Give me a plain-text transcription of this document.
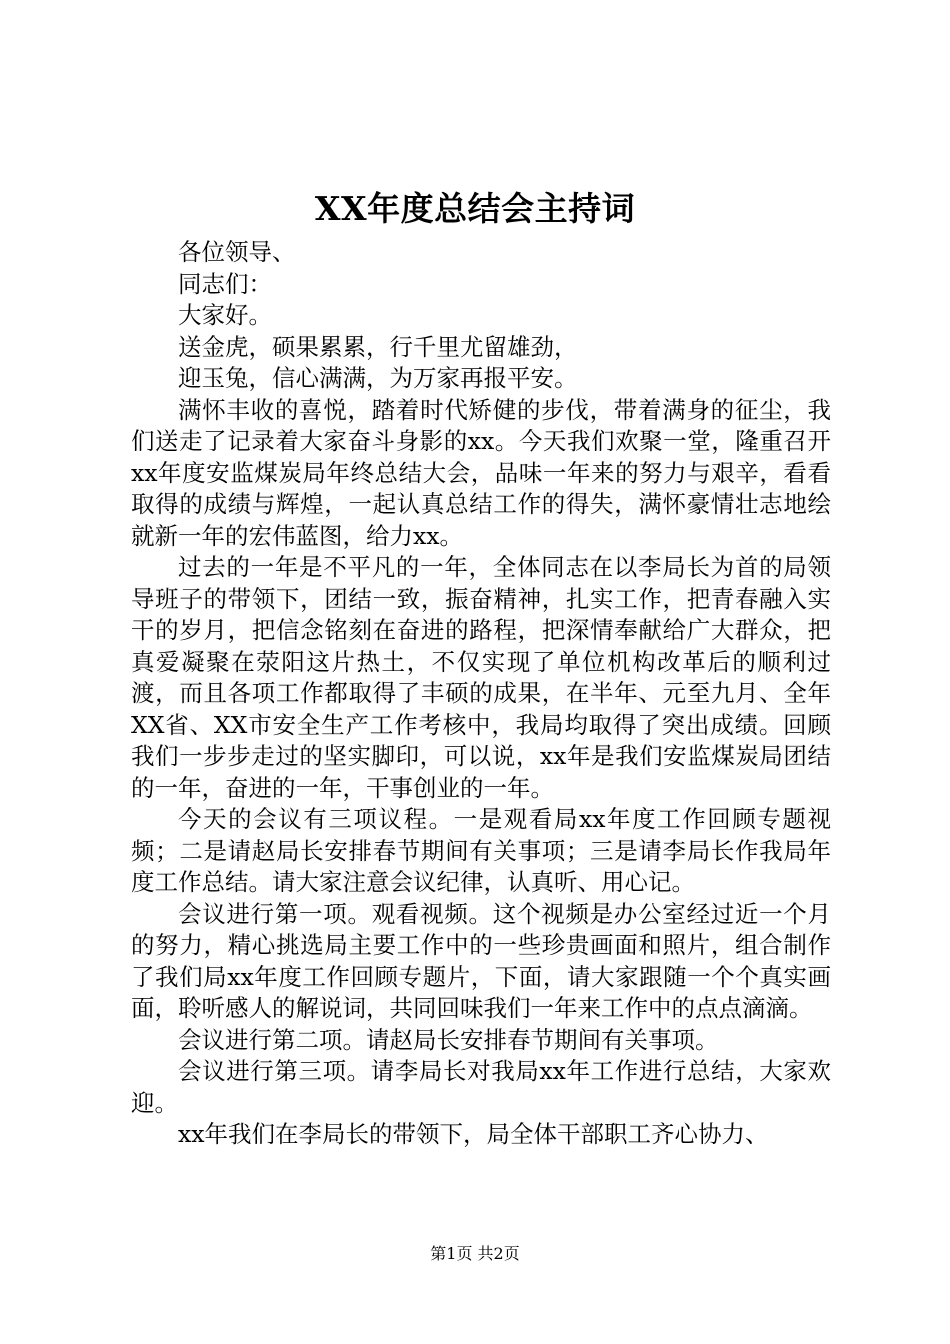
XX年度总结会主持词

各位领导、

同志们：

大家好。

送金虎，硕果累累，行千里尤留雄劲，

迎玉兔，信心满满，为万家再报平安。

满怀丰收的喜悦，踏着时代矫健的步伐，带着满身的征尘，我们送走了记录着大家奋斗身影的xx。今天我们欢聚一堂，隆重召开xx年度安监煤炭局年终总结大会，品味一年来的努力与艰辛，看看取得的成绩与辉煌，一起认真总结工作的得失，满怀豪情壮志地绘就新一年的宏伟蓝图，给力xx。

过去的一年是不平凡的一年，全体同志在以李局长为首的局领导班子的带领下，团结一致，振奋精神，扎实工作，把青春融入实干的岁月，把信念铭刻在奋进的路程，把深情奉献给广大群众，把真爱凝聚在荥阳这片热土，不仅实现了单位机构改革后的顺利过渡，而且各项工作都取得了丰硕的成果，在半年、元至九月、全年XX省、XX市安全生产工作考核中，我局均取得了突出成绩。回顾我们一步步走过的坚实脚印，可以说，xx年是我们安监煤炭局团结的一年，奋进的一年，干事创业的一年。

今天的会议有三项议程。一是观看局xx年度工作回顾专题视频；二是请赵局长安排春节期间有关事项；三是请李局长作我局年度工作总结。请大家注意会议纪律，认真听、用心记。

会议进行第一项。观看视频。这个视频是办公室经过近一个月的努力，精心挑选局主要工作中的一些珍贵画面和照片，组合制作了我们局xx年度工作回顾专题片，下面，请大家跟随一个个真实画面，聆听感人的解说词，共同回味我们一年来工作中的点点滴滴。

会议进行第二项。请赵局长安排春节期间有关事项。

会议进行第三项。请李局长对我局xx年工作进行总结，大家欢迎。

xx年我们在李局长的带领下，局全体干部职工齐心协力、

第1页 共2页
